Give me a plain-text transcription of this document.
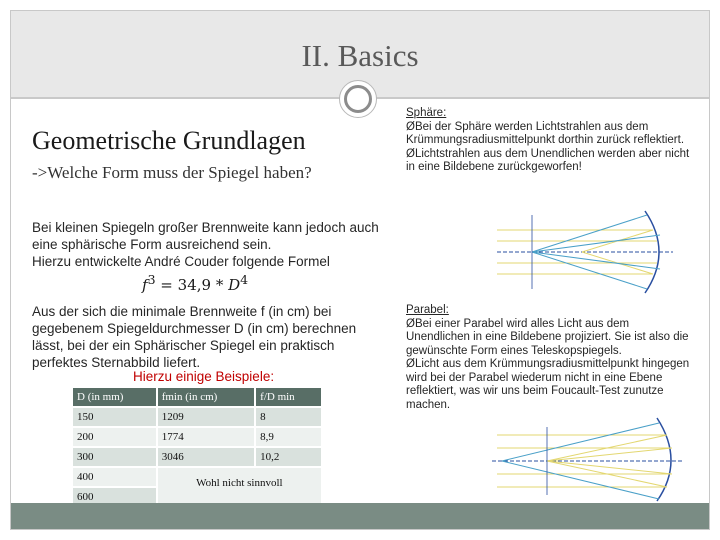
II. Basics
Geometrische Grundlagen
->Welche Form muss der Spiegel haben?
Bei kleinen Spiegeln großer Brennweite kann jedoch auch
eine sphärische Form ausreichend sein.
Hierzu entwickelte André Couder folgende Formel
$f^3 = 34,9 * D^4$
Aus der sich die minimale Brennweite f (in cm) bei
gegebenem Spiegeldurchmesser D (in cm) berechnen
lässt, bei der ein Sphärischer Spiegel ein praktisch
perfektes Sternabbild liefert.
Hierzu einige Beispiele:
D (in mm)	fmin (in cm)	f/D min
150	1209	8
200	1774	8,9
300	3046	10,2
400	Wohl nicht sinnvoll	
600		
Sphäre:
ØBei der Sphäre werden Lichtstrahlen aus dem Krümmungsradiusmittelpunkt dorthin zurück reflektiert.
ØLichtstrahlen aus dem Unendlichen werden aber nicht in eine Bildebene zurückgeworfen!
Parabel:
ØBei einer Parabel wird alles Licht aus dem Unendlichen in eine Bildebene projiziert. Sie ist also die gewünschte Form eines Teleskopspiegels.
ØLicht aus dem Krümmungsradiusmittelpunkt hingegen wird bei der Parabel wiederum nicht in eine Ebene reflektiert, was wir uns beim Foucault-Test zunutze machen.
